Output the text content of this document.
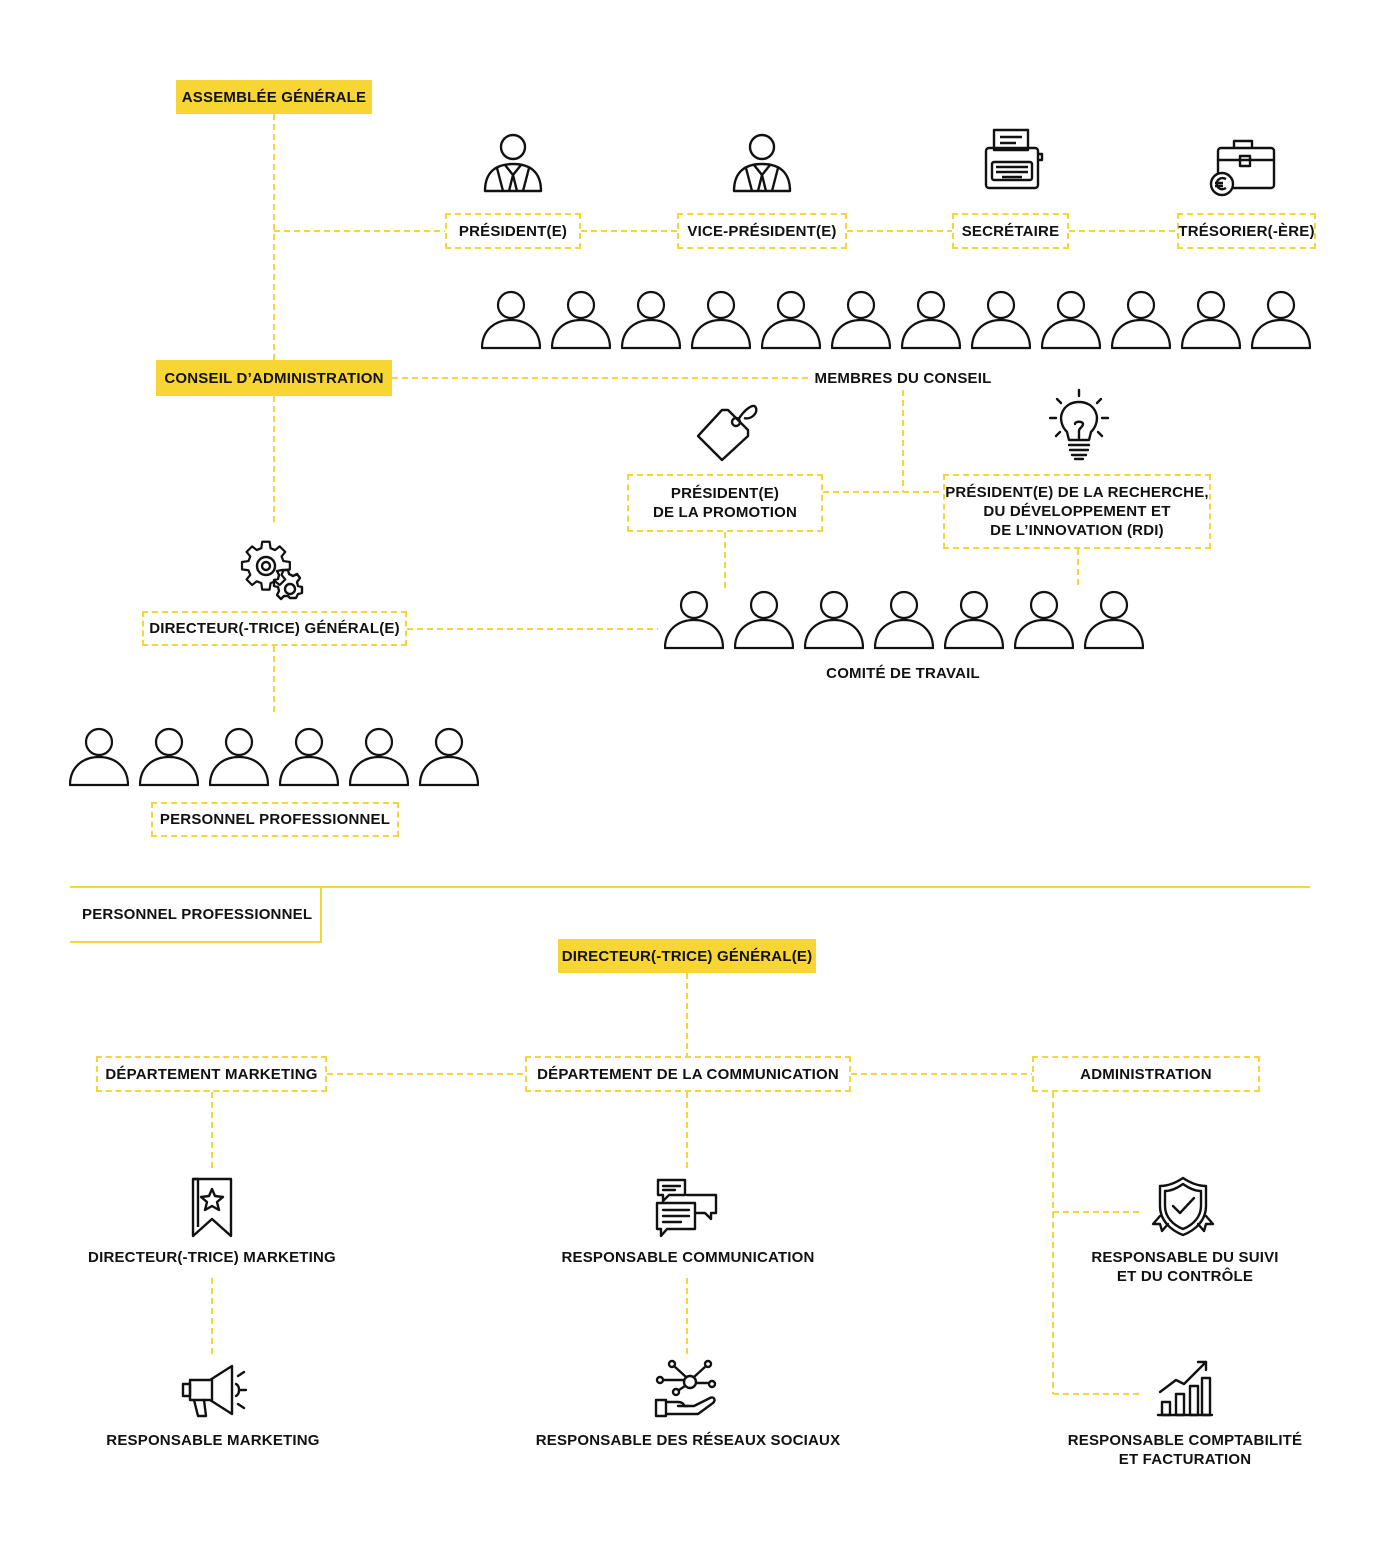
ASSEMBLÉE GÉNÉRALE
PRÉSIDENT(E)	VICE-PRÉSIDENT(E)	SECRÉTAIRE	TRÉSORIER(-ÈRE)
CONSEIL D’ADMINISTRATION	MEMBRES DU CONSEIL
PRÉSIDENT(E)
DE LA PROMOTION
PRÉSIDENT(E) DE LA RECHERCHE,
DU DÉVELOPPEMENT ET
DE L’INNOVATION (RDI)
DIRECTEUR(-TRICE) GÉNÉRAL(E)
COMITÉ DE TRAVAIL
PERSONNEL PROFESSIONNEL
PERSONNEL PROFESSIONNEL
DIRECTEUR(-TRICE) GÉNÉRAL(E)
DÉPARTEMENT MARKETING	DÉPARTEMENT DE LA COMMUNICATION	ADMINISTRATION
DIRECTEUR(-TRICE) MARKETING	RESPONSABLE COMMUNICATION	RESPONSABLE DU SUIVI
ET DU CONTRÔLE
RESPONSABLE MARKETING	RESPONSABLE DES RÉSEAUX SOCIAUX	RESPONSABLE COMPTABILITÉ
ET FACTURATION
